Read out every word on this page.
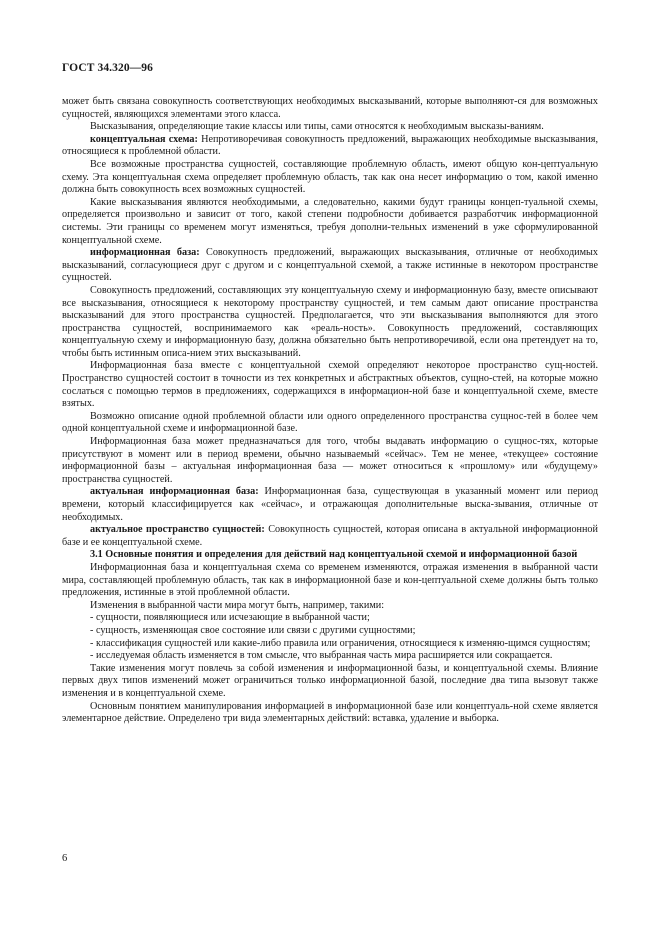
ГОСТ 34.320—96

может быть связана совокупность соответствующих необходимых высказываний, которые выполняют-ся для возможных сущностей, являющихся элементами этого класса.

Высказывания, определяющие такие классы или типы, сами относятся к необходимым высказы-ваниям.

концептуальная схема: Непротиворечивая совокупность предложений, выражающих необходимые высказывания, относящиеся к проблемной области.

Все возможные пространства сущностей, составляющие проблемную область, имеют общую кон-цептуальную схему. Эта концептуальная схема определяет проблемную область, так как она несет информацию о том, какой именно должна быть совокупность всех возможных сущностей.

Какие высказывания являются необходимыми, а следовательно, какими будут границы концеп-туальной схемы, определяется произвольно и зависит от того, какой степени подробности добивается разработчик информационной системы. Эти границы со временем могут изменяться, требуя дополни-тельных изменений в уже сформулированной концептуальной схеме.

информационная база: Совокупность предложений, выражающих высказывания, отличные от необходимых высказываний, согласующиеся друг с другом и с концептуальной схемой, а также истинные в некотором пространстве сущностей.

Совокупность предложений, составляющих эту концептуальную схему и информационную базу, вместе описывают все высказывания, относящиеся к некоторому пространству сущностей, и тем самым дают описание пространства высказываний для этого пространства сущностей. Предполагается, что эти высказывания выполняются для этого пространства сущностей, воспринимаемого как «реаль-ность». Совокупность предложений, составляющих концептуальную схему и информационную базу, должна обязательно быть непротиворечивой, если она претендует на то, чтобы быть истинным описа-нием этих высказываний.

Информационная база вместе с концептуальной схемой определяют некоторое пространство сущ-ностей. Пространство сущностей состоит в точности из тех конкретных и абстрактных объектов, сущно-стей, на которые можно сослаться с помощью термов в предложениях, содержащихся в информацион-ной базе и концептуальной схеме, вместе взятых.

Возможно описание одной проблемной области или одного определенного пространства сущнос-тей в более чем одной концептуальной схеме и информационной базе.

Информационная база может предназначаться для того, чтобы выдавать информацию о сущнос-тях, которые присутствуют в момент или в период времени, обычно называемый «сейчас». Тем не менее, «текущее» состояние информационной базы – актуальная информационная база — может относиться к «прошлому» или «будущему» пространства сущностей.

актуальная информационная база: Информационная база, существующая в указанный момент или период времени, который классифицируется как «сейчас», и отражающая дополнительные выска-зывания, отличные от необходимых.

актуальное пространство сущностей: Совокупность сущностей, которая описана в актуальной информационной базе и ее концептуальной схеме.

3.1 Основные понятия и определения для действий над концептуальной схемой и информационной базой

Информационная база и концептуальная схема со временем изменяются, отражая изменения в выбранной части мира, составляющей проблемную область, так как в информационной базе и кон-цептуальной схеме должны быть только предложения, истинные в этой проблемной области.

Изменения в выбранной части мира могут быть, например, такими:

- сущности, появляющиеся или исчезающие в выбранной части;

- сущность, изменяющая свое состояние или связи с другими сущностями;

- классификация сущностей или какие-либо правила или ограничения, относящиеся к изменяю-щимся сущностям;

- исследуемая область изменяется в том смысле, что выбранная часть мира расширяется или сокращается.

Такие изменения могут повлечь за собой изменения и информационной базы, и концептуальной схемы. Влияние первых двух типов изменений может ограничиться только информационной базой, последние два типа вызовут также изменения и в концептуальной схеме.

Основным понятием манипулирования информацией в информационной базе или концептуаль-ной схеме является элементарное действие. Определено три вида элементарных действий: вставка, удаление и выборка.

6
